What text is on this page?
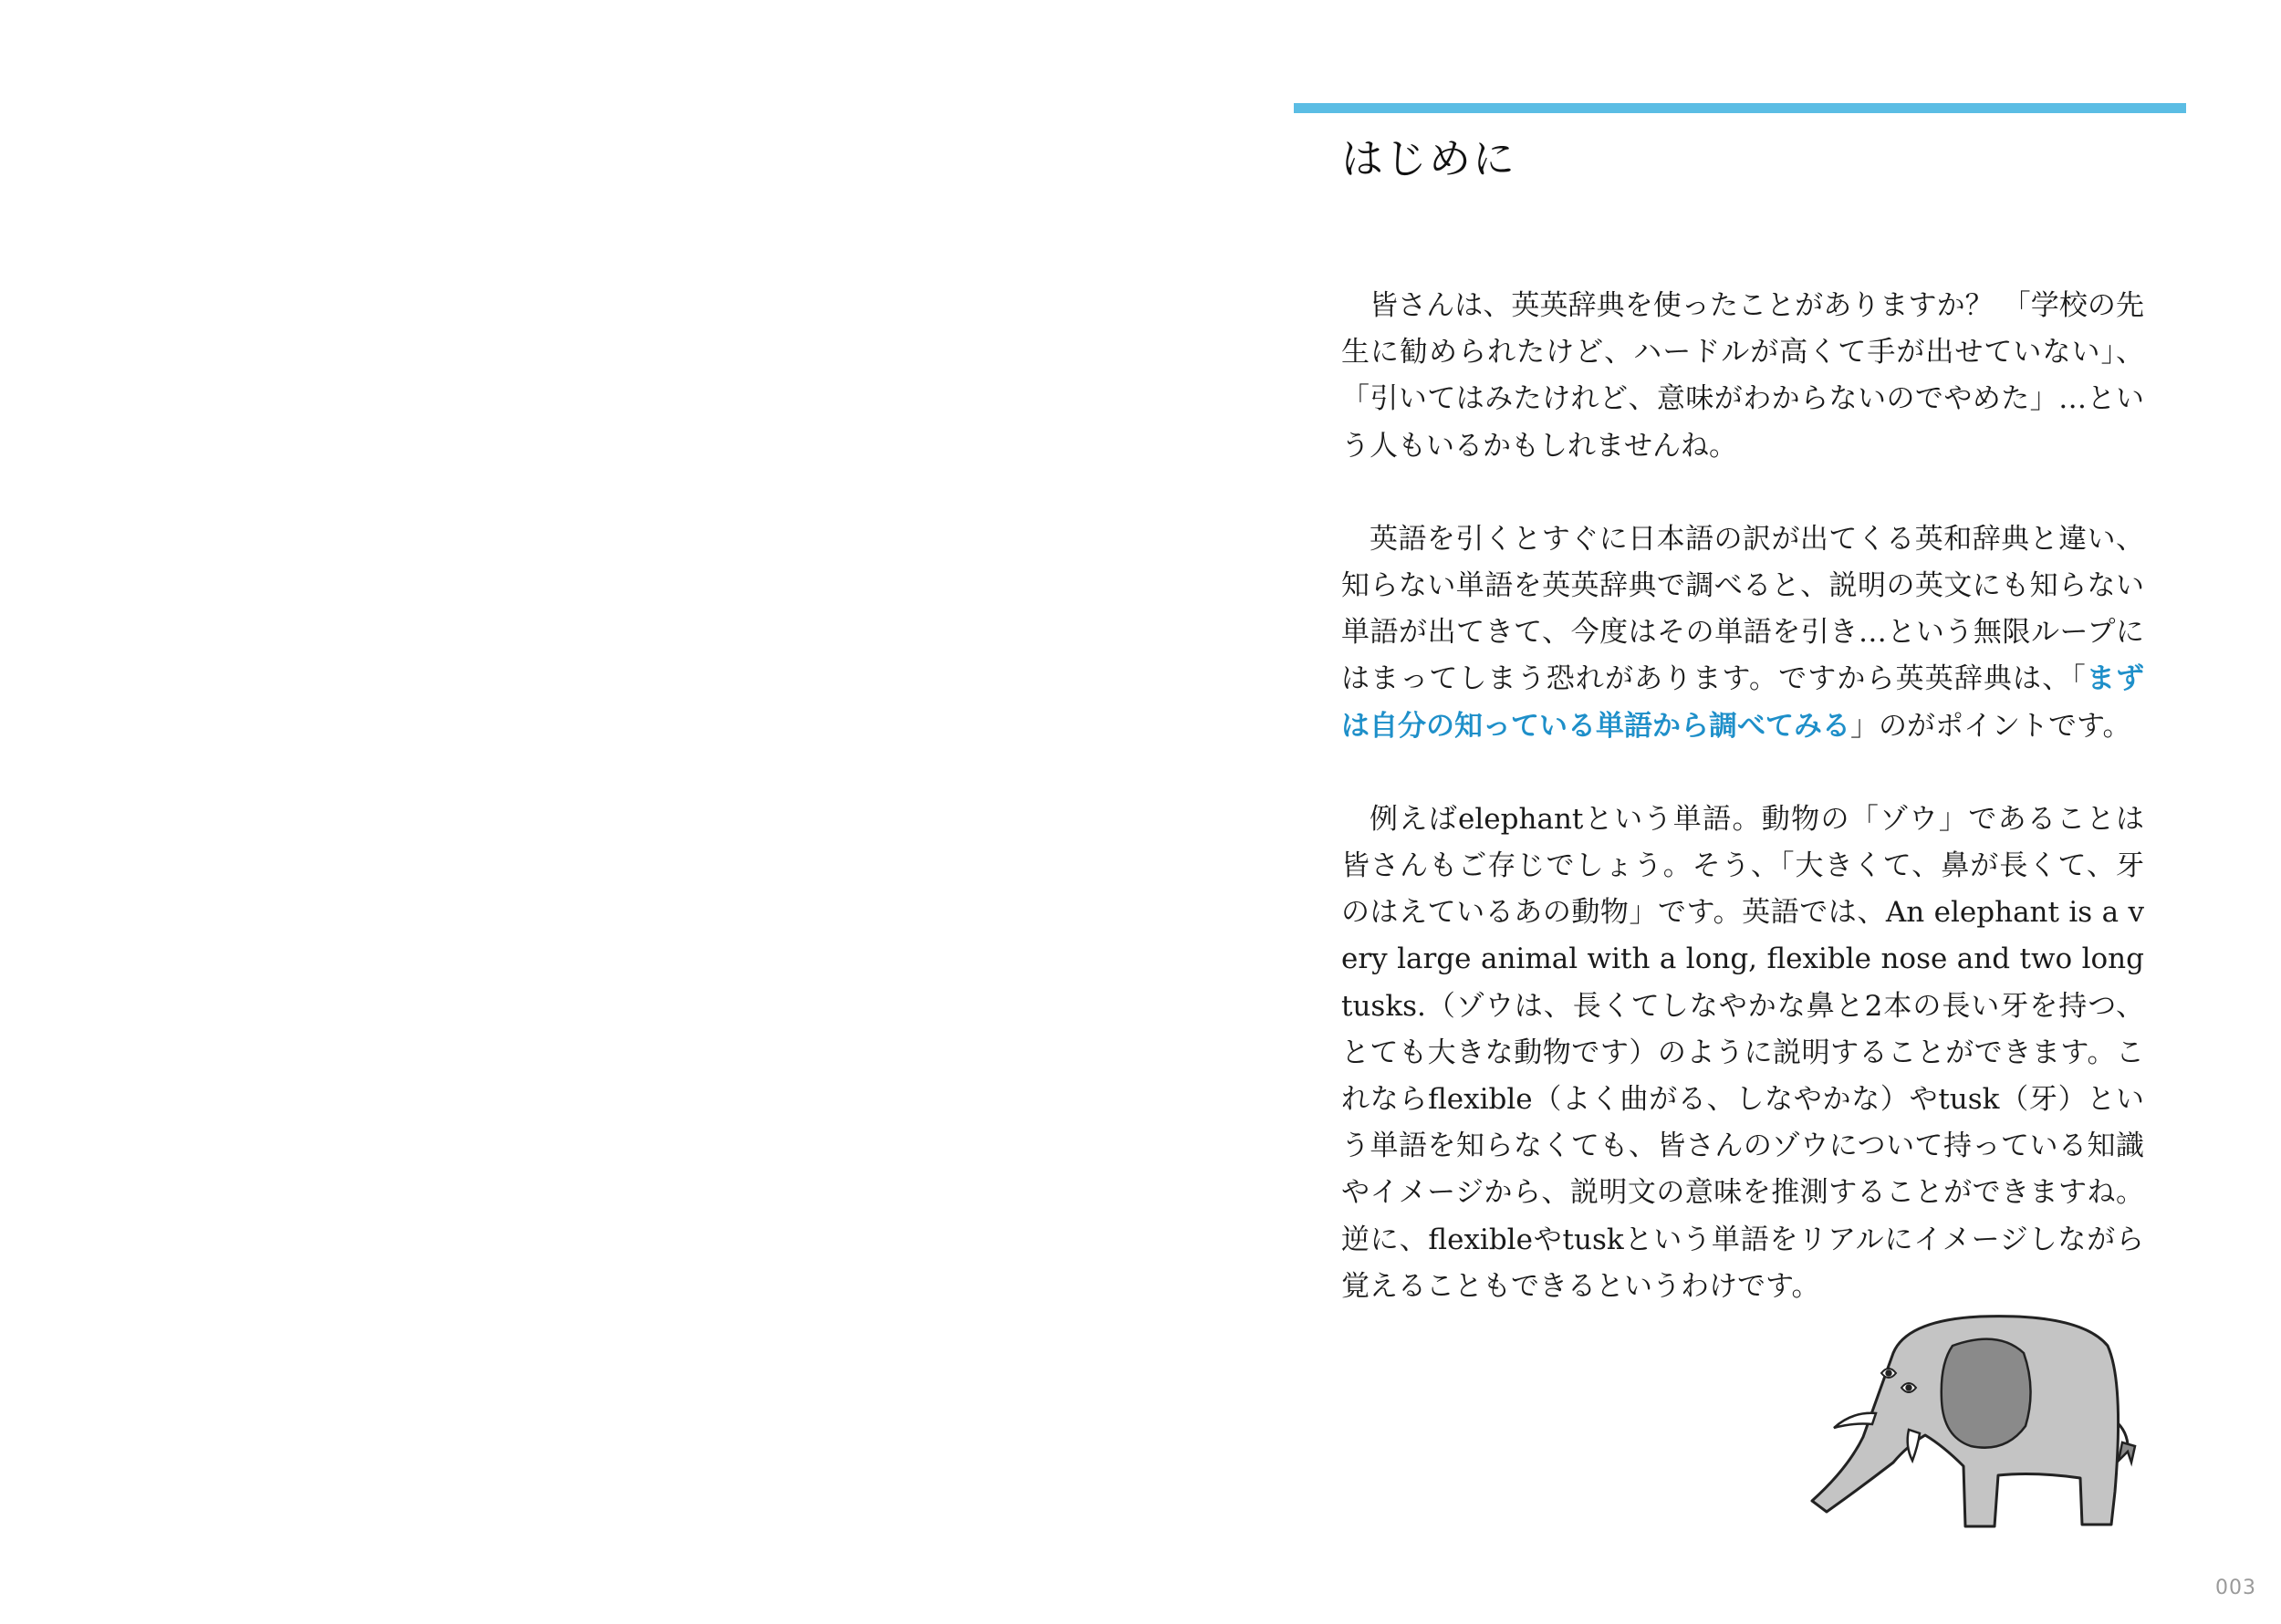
はじめに

皆さんは、英英辞典を使ったことがありますか？ 「学校の先生に勧められたけど、ハードルが高くて手が出せていない」、「引いてはみたけれど、意味がわからないのでやめた」…という人もいるかもしれませんね。

英語を引くとすぐに日本語の訳が出てくる英和辞典と違い、知らない単語を英英辞典で調べると、説明の英文にも知らない単語が出てきて、今度はその単語を引き…という無限ループにはまってしまう恐れがあります。ですから英英辞典は、「まずは自分の知っている単語から調べてみる」のがポイントです。

例えばelephantという単語。動物の「ゾウ」であることは皆さんもご存じでしょう。そう、「大きくて、鼻が長くて、牙のはえているあの動物」です。英語では、An elephant is a very large animal with a long, flexible nose and two long tusks.（ゾウは、長くてしなやかな鼻と2本の長い牙を持つ、とても大きな動物です）のように説明することができます。これならflexible（よく曲がる、しなやかな）やtusk（牙）という単語を知らなくても、皆さんのゾウについて持っている知識やイメージから、説明文の意味を推測することができますね。逆に、flexibleやtuskという単語をリアルにイメージしながら覚えることもできるというわけです。

003
